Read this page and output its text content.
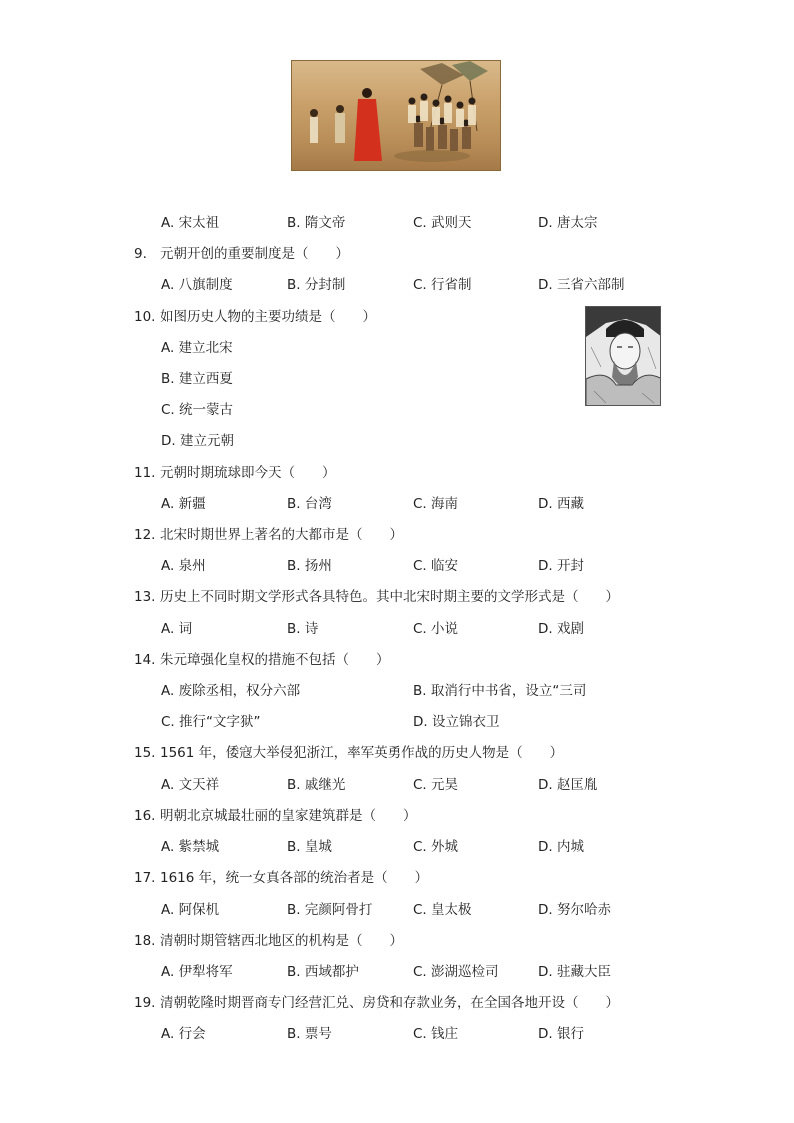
A. 宋太祖	B. 隋文帝	C. 武则天	D. 唐太宗
9. 元朝开创的重要制度是（　　）
A. 八旗制度	B. 分封制	C. 行省制	D. 三省六部制
10. 如图历史人物的主要功绩是（　　）
A. 建立北宋
B. 建立西夏
C. 统一蒙古
D. 建立元朝
11. 元朝时期琉球即今天（　　）
A. 新疆	B. 台湾	C. 海南	D. 西藏
12. 北宋时期世界上著名的大都市是（　　）
A. 泉州	B. 扬州	C. 临安	D. 开封
13. 历史上不同时期文学形式各具特色。其中北宋时期主要的文学形式是（　　）
A. 词	B. 诗	C. 小说	D. 戏剧
14. 朱元璋强化皇权的措施不包括（　　）
A. 废除丞相，权分六部	B. 取消行中书省，设立“三司
C. 推行“文字狱”	D. 设立锦衣卫
15. 1561 年，倭寇大举侵犯浙江，率军英勇作战的历史人物是（　　）
A. 文天祥	B. 戚继光	C. 元昊	D. 赵匡胤
16. 明朝北京城最壮丽的皇家建筑群是（　　）
A. 紫禁城	B. 皇城	C. 外城	D. 内城
17. 1616 年，统一女真各部的统治者是（　　）
A. 阿保机	B. 完颜阿骨打	C. 皇太极	D. 努尔哈赤
18. 清朝时期管辖西北地区的机构是（　　）
A. 伊犁将军	B. 西域都护	C. 澎湖巡检司	D. 驻藏大臣
19. 清朝乾隆时期晋商专门经营汇兑、房贷和存款业务，在全国各地开设（　　）
A. 行会	B. 票号	C. 钱庄	D. 银行
